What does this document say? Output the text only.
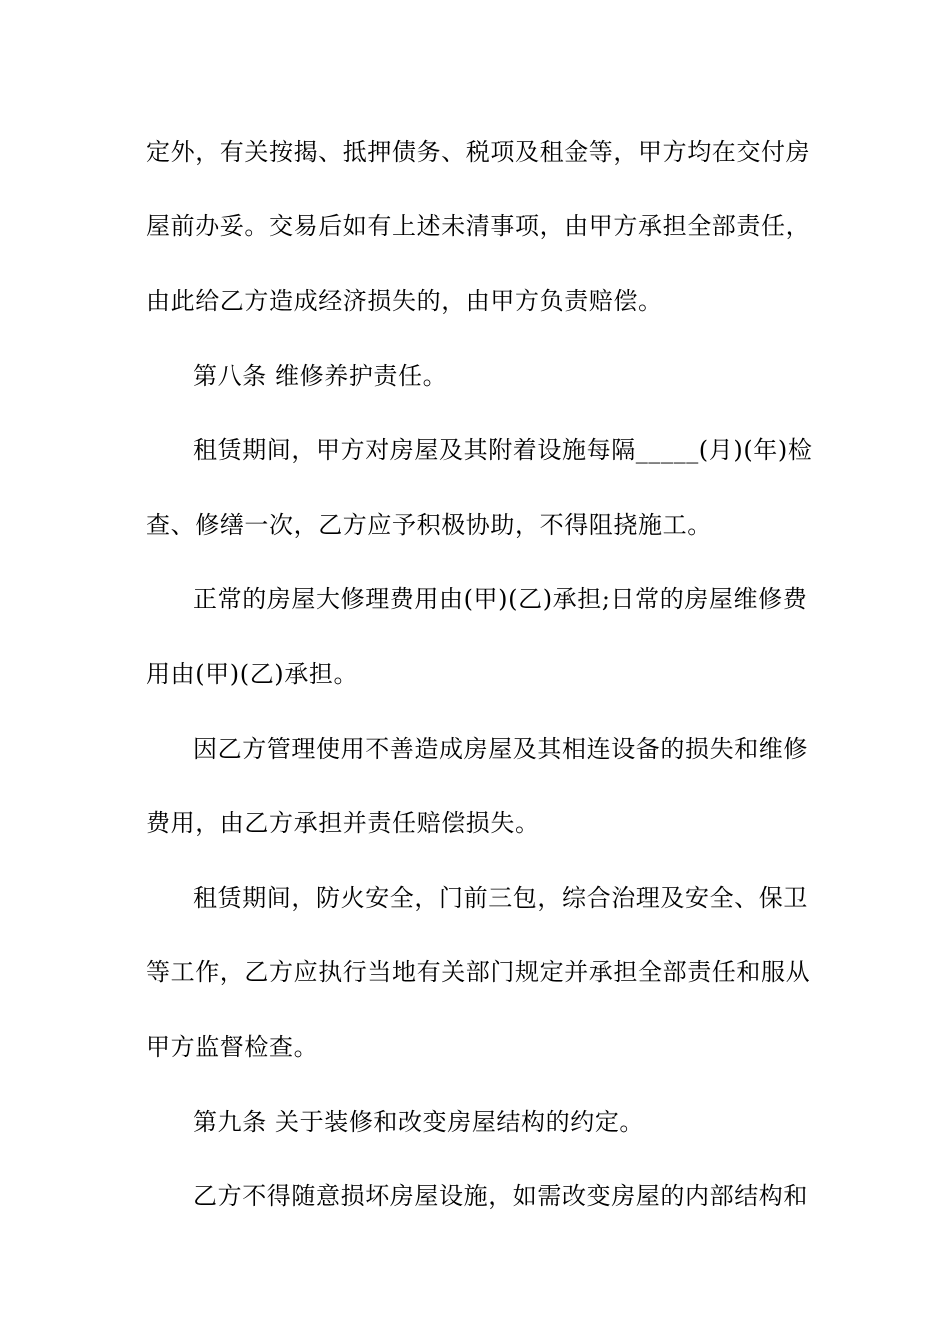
定外，有关按揭、抵押债务、税项及租金等，甲方均在交付房
屋前办妥。交易后如有上述未清事项，由甲方承担全部责任，
由此给乙方造成经济损失的，由甲方负责赔偿。
第八条 维修养护责任。
租赁期间，甲方对房屋及其附着设施每隔_____(月)(年)检
查、修缮一次，乙方应予积极协助，不得阻挠施工。
正常的房屋大修理费用由(甲)(乙)承担;日常的房屋维修费
用由(甲)(乙)承担。
因乙方管理使用不善造成房屋及其相连设备的损失和维修
费用，由乙方承担并责任赔偿损失。
租赁期间，防火安全，门前三包，综合治理及安全、保卫
等工作，乙方应执行当地有关部门规定并承担全部责任和服从
甲方监督检查。
第九条 关于装修和改变房屋结构的约定。
乙方不得随意损坏房屋设施，如需改变房屋的内部结构和
